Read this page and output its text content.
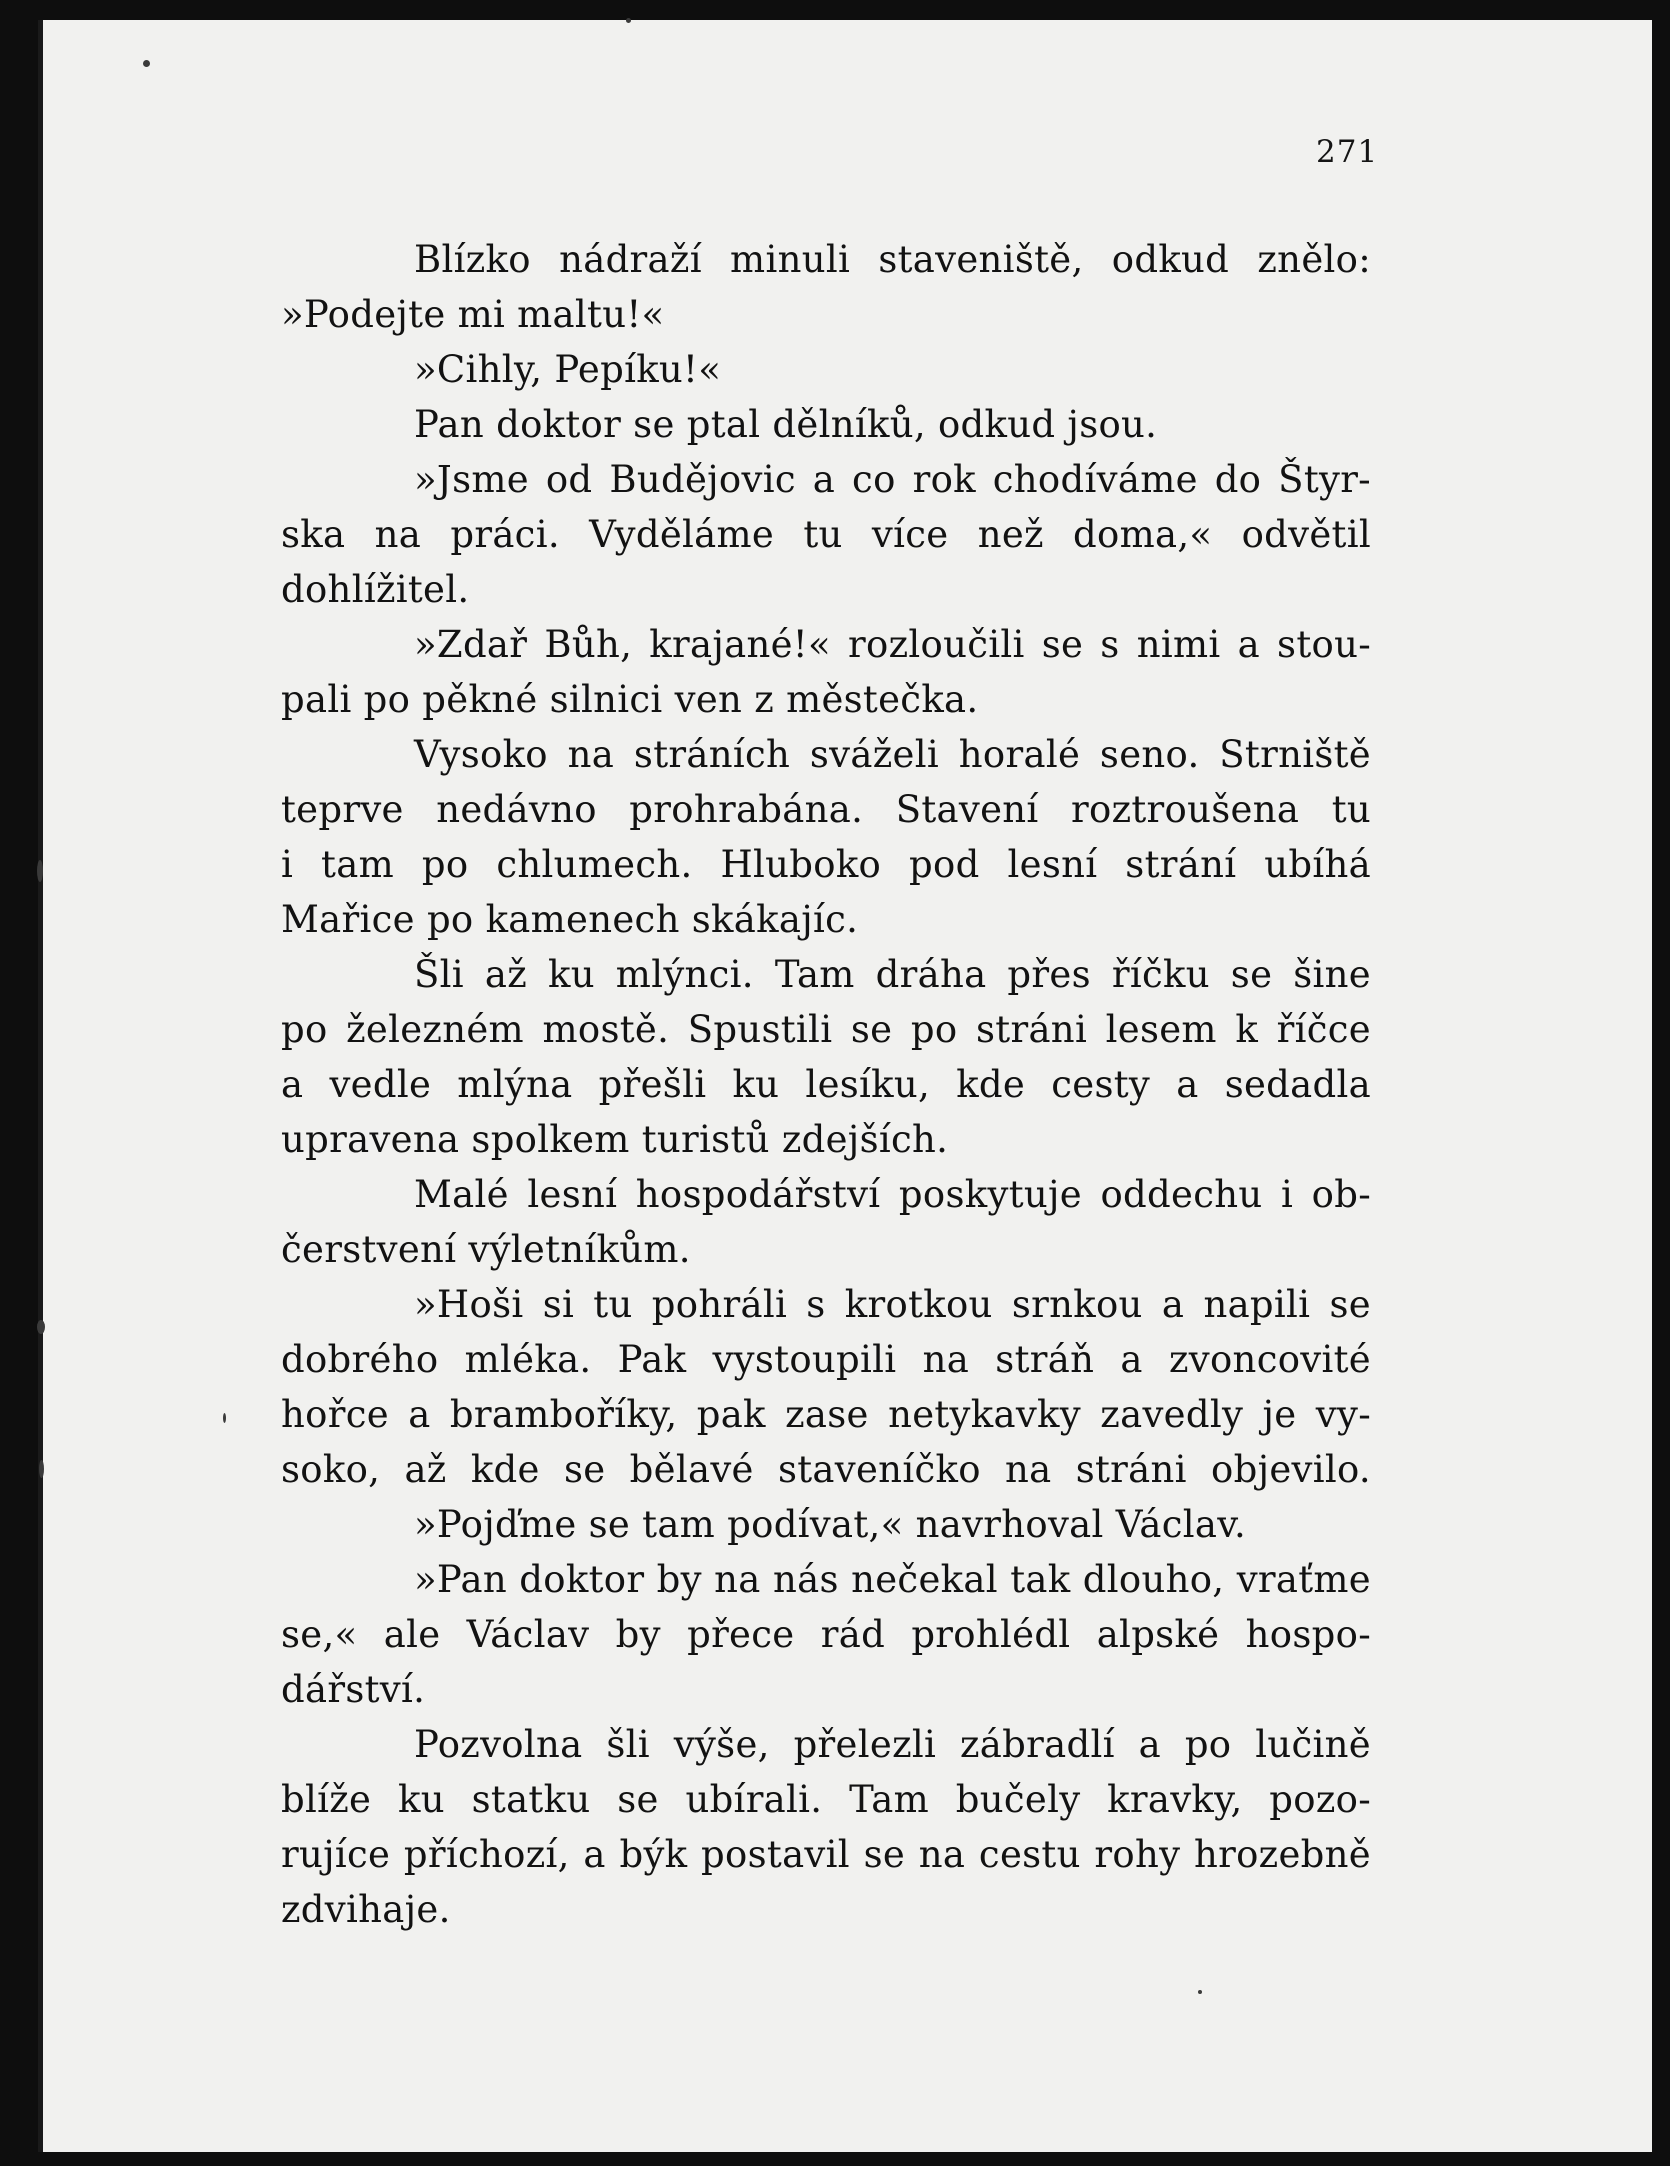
271
Blízko nádraží minuli staveniště, odkud znělo:
»Podejte mi maltu!«
»Cihly, Pepíku!«
Pan doktor se ptal dělníků, odkud jsou.
»Jsme od Budějovic a co rok chodíváme do Štyr-
ska na práci. Vyděláme tu více než doma,« odvětil
dohlížitel.
»Zdař Bůh, krajané!« rozloučili se s nimi a stou-
pali po pěkné silnici ven z městečka.
Vysoko na stráních sváželi horalé seno. Strniště
teprve nedávno prohrabána. Stavení roztroušena tu
i tam po chlumech. Hluboko pod lesní strání ubíhá
Mařice po kamenech skákajíc.
Šli až ku mlýnci. Tam dráha přes říčku se šine
po železném mostě. Spustili se po stráni lesem k říčce
a vedle mlýna přešli ku lesíku, kde cesty a sedadla
upravena spolkem turistů zdejších.
Malé lesní hospodářství poskytuje oddechu i ob-
čerstvení výletníkům.
»Hoši si tu pohráli s krotkou srnkou a napili se
dobrého mléka. Pak vystoupili na stráň a zvoncovité
hořce a bramboříky, pak zase netykavky zavedly je vy-
soko, až kde se bělavé staveníčko na stráni objevilo.
»Pojďme se tam podívat,« navrhoval Václav.
»Pan doktor by na nás nečekal tak dlouho, vraťme
se,« ale Václav by přece rád prohlédl alpské hospo-
dářství.
Pozvolna šli výše, přelezli zábradlí a po lučině
blíže ku statku se ubírali. Tam bučely kravky, pozo-
rujíce příchozí, a býk postavil se na cestu rohy hrozebně
zdvihaje.
